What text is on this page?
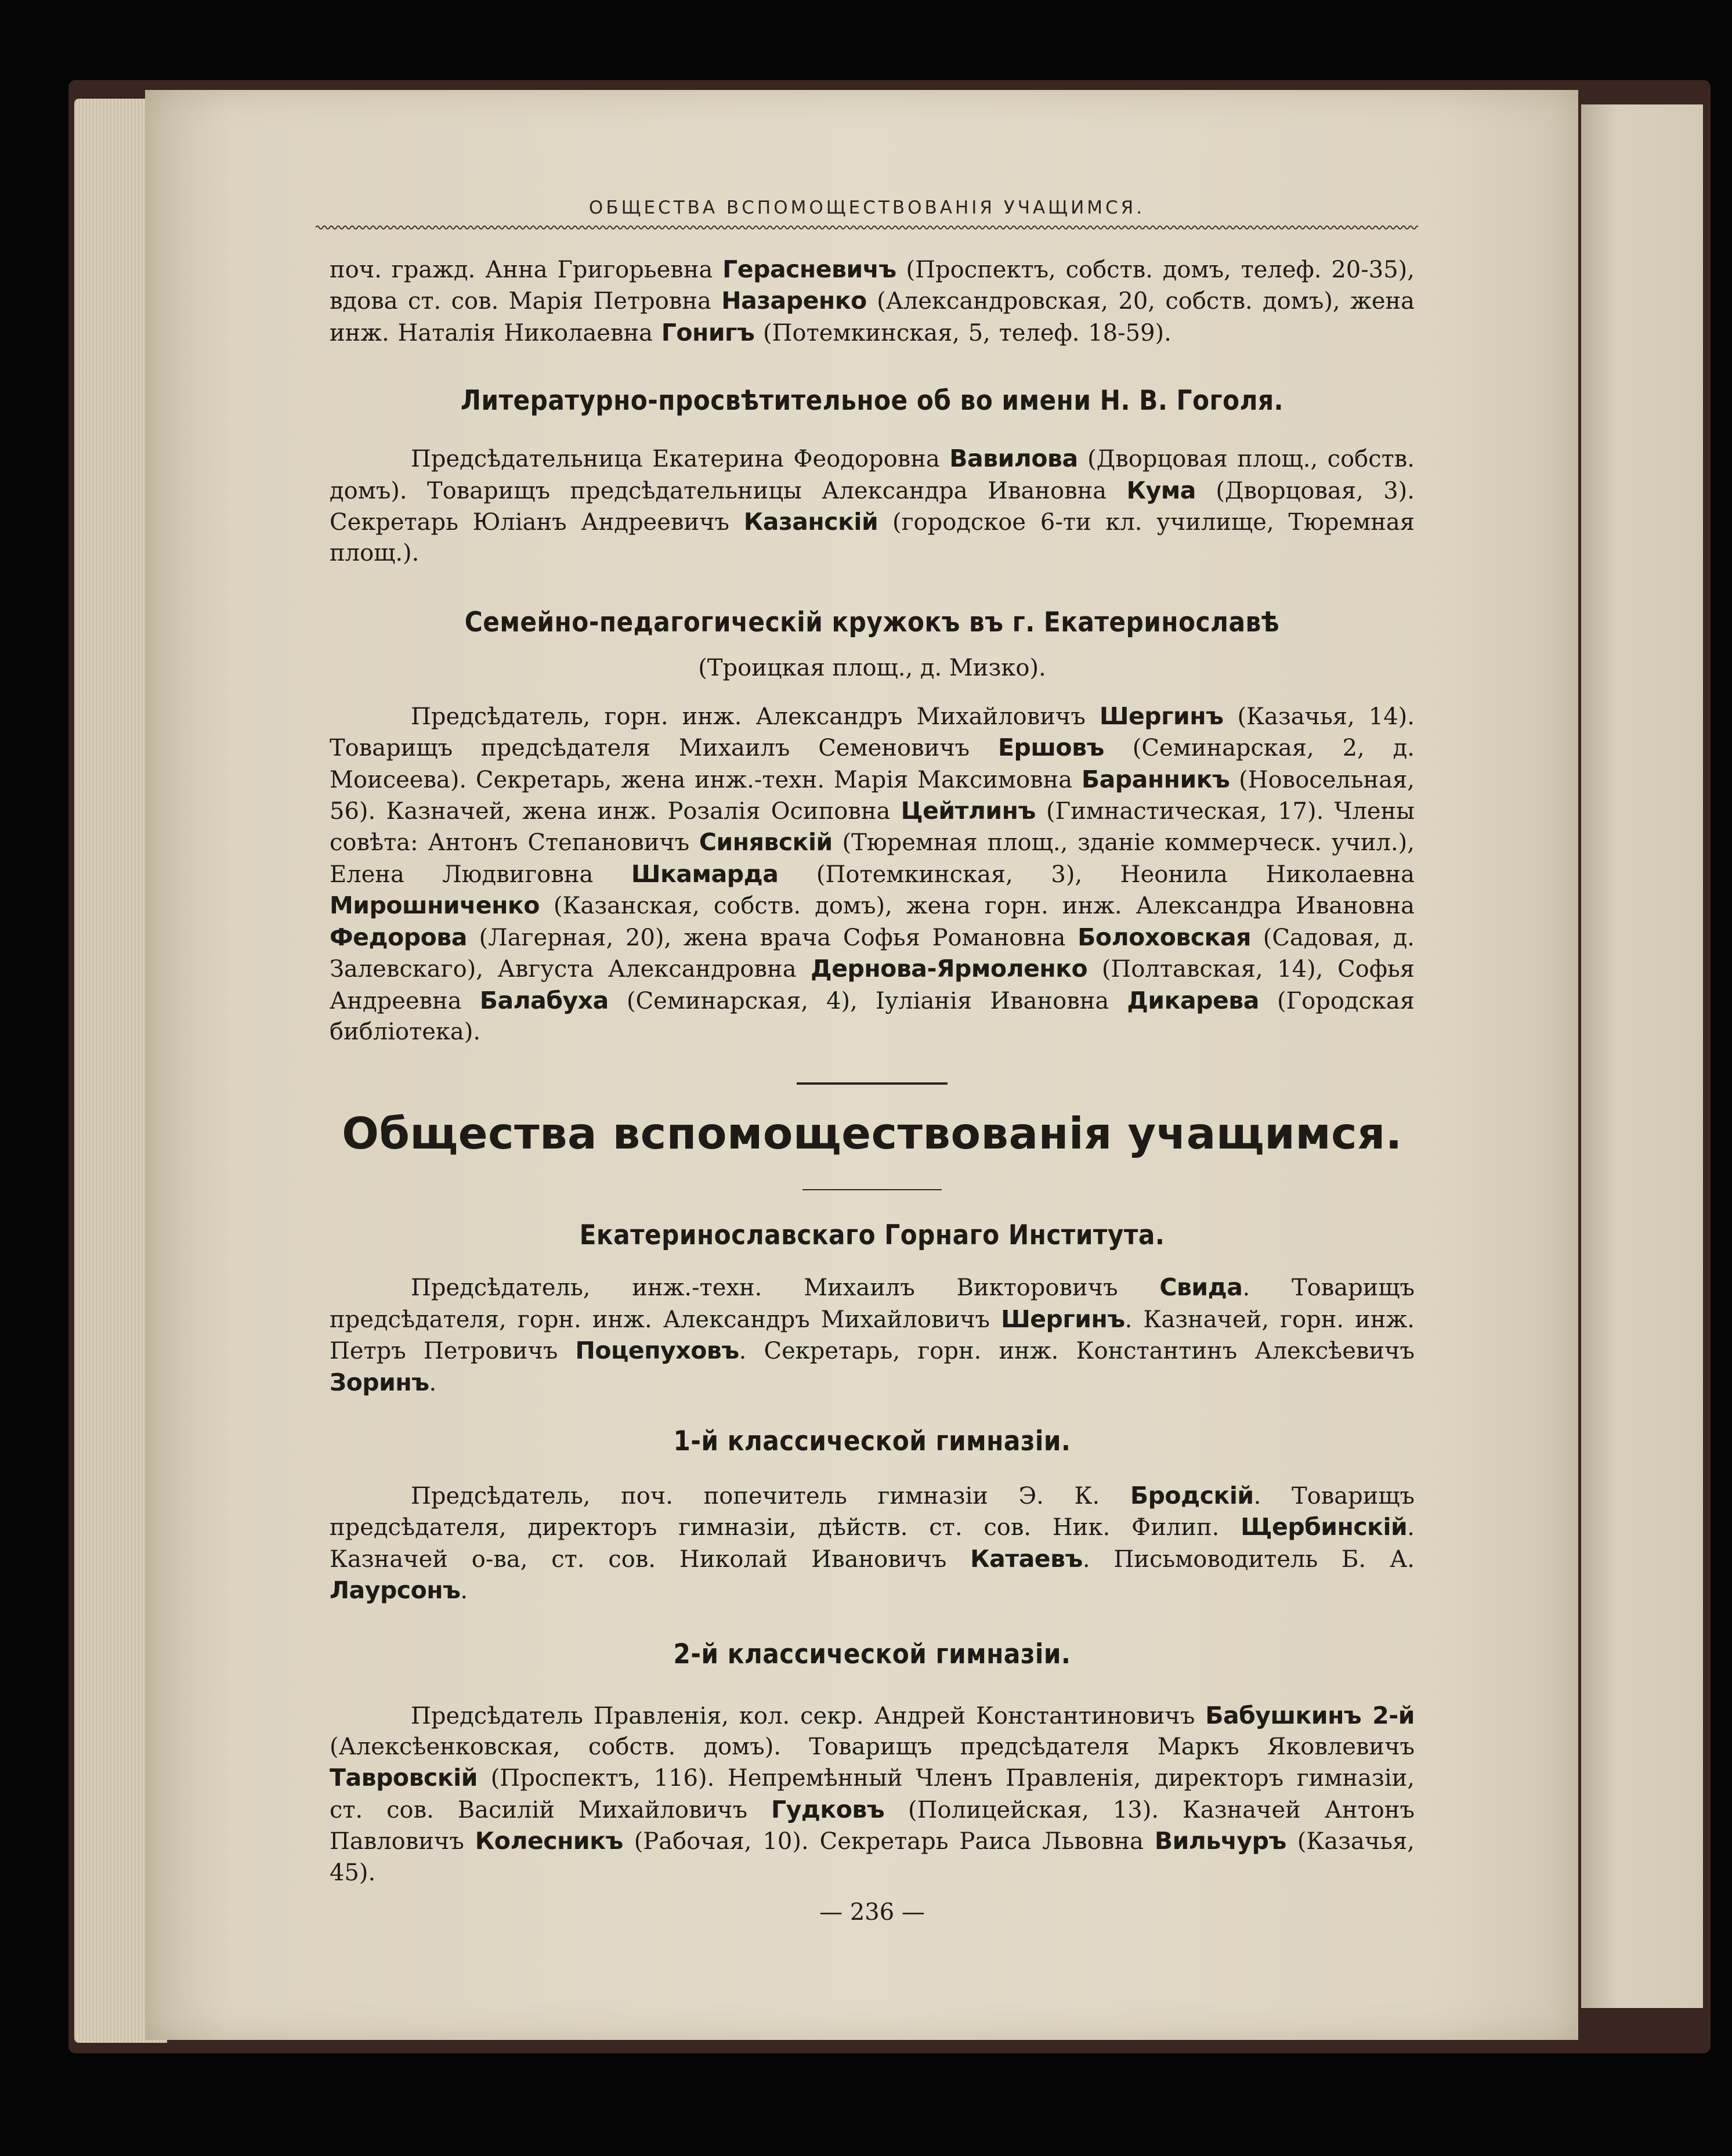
ОБЩЕСТВА ВСПОМОЩЕСТВОВАНIЯ УЧАЩИМСЯ.

поч. гражд. Анна Григорьевна Герасневичъ (Проспектъ, собств. домъ, телеф. 20-35), вдова ст. сов. Марiя Петровна Назаренко (Александровская, 20, собств. домъ), жена инж. Наталiя Николаевна Гонигъ (Потемкинская, 5, телеф. 18-59).

Литературно-просвѣтительное об во имени Н. В. Гоголя.

Предсѣдательница Екатерина Феодоровна Вавилова (Дворцовая площ., собств. домъ). Товарищъ предсѣдательницы Александра Ивановна Кума (Дворцовая, 3). Секретарь Юлiанъ Андреевичъ Казанскiй (городское 6-ти кл. училище, Тюремная площ.).

Семейно-педагогическiй кружокъ въ г. Екатеринославѣ

(Троицкая площ., д. Мизко).

Предсѣдатель, горн. инж. Александръ Михайловичъ Шергинъ (Казачья, 14). Товарищъ предсѣдателя Михаилъ Семеновичъ Ершовъ (Семинарская, 2, д. Моисеева). Секретарь, жена инж.-техн. Марiя Максимовна Баранникъ (Новосельная, 56). Казначей, жена инж. Розалiя Осиповна Цейтлинъ (Гимнастическая, 17). Члены совѣта: Антонъ Степановичъ Синявскiй (Тюремная площ., зданiе коммерческ. учил.), Елена Людвиговна Шкамарда (Потемкинская, 3), Неонила Николаевна Мирошниченко (Казанская, собств. домъ), жена горн. инж. Александра Ивановна Федорова (Лагерная, 20), жена врача Софья Романовна Болоховская (Садовая, д. Залевскаго), Августа Александровна Дернова-Ярмоленко (Полтавская, 14), Софья Андреевна Балабуха (Семинарская, 4), Iулiанiя Ивановна Дикарева (Городская библiотека).

Общества вспомоществованiя учащимся.
Екатеринославскаго Горнаго Института.

Предсѣдатель, инж.-техн. Михаилъ Викторовичъ Свида. Товарищъ предсѣдателя, горн. инж. Александръ Михайловичъ Шергинъ. Казначей, горн. инж. Петръ Петровичъ Поцепуховъ. Секретарь, горн. инж. Константинъ Алексѣевичъ Зоринъ.

1-й классической гимназiи.

Предсѣдатель, поч. попечитель гимназiи Э. К. Бродскiй. Товарищъ предсѣдателя, директоръ гимназiи, дѣйств. ст. сов. Ник. Филип. Щербинскiй. Казначей о-ва, ст. сов. Николай Ивановичъ Катаевъ. Письмоводитель Б. А. Лаурсонъ.

2-й классической гимназiи.

Предсѣдатель Правленiя, кол. секр. Андрей Константиновичъ Бабушкинъ 2-й (Алексѣенковская, собств. домъ). Товарищъ предсѣдателя Маркъ Яковлевичъ Тавровскiй (Проспектъ, 116). Непремѣнный Членъ Правленiя, директоръ гимназiи, ст. сов. Василiй Михайловичъ Гудковъ (Полицейская, 13). Казначей Антонъ Павловичъ Колесникъ (Рабочая, 10). Секретарь Раиса Львовна Вильчуръ (Казачья, 45).

— 236 —
